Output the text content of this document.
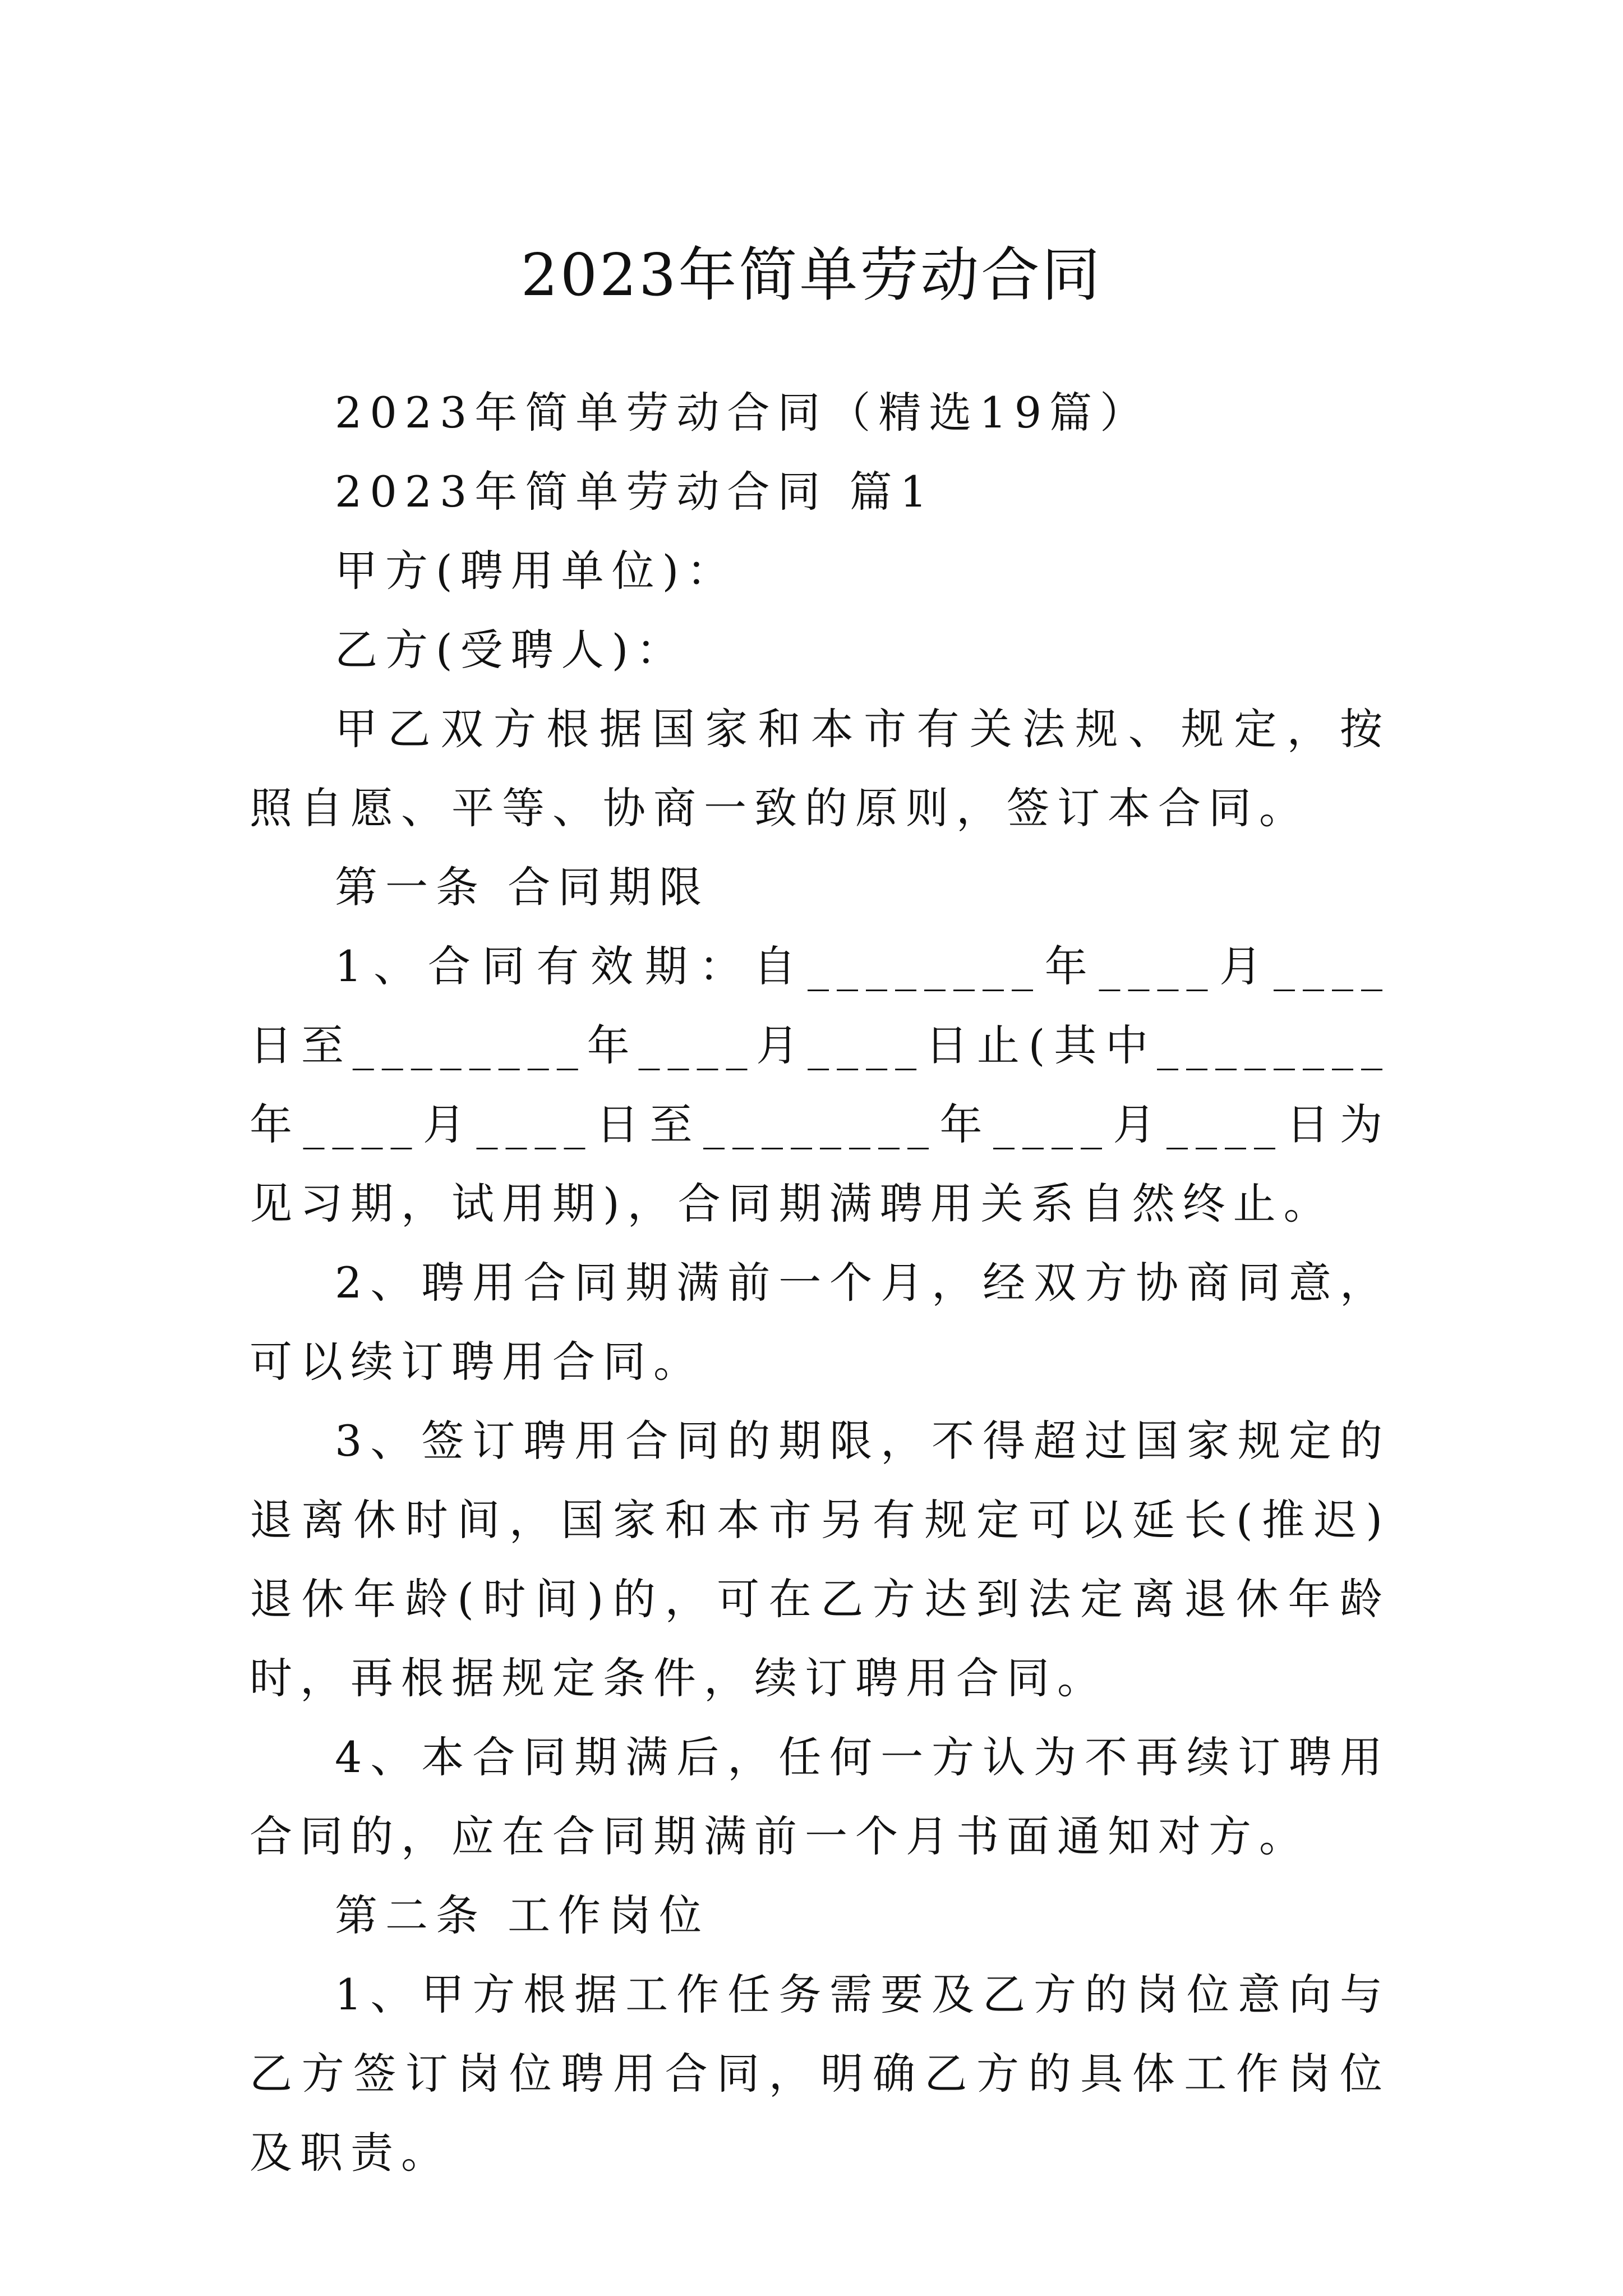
2023年简单劳动合同

2023年简单劳动合同（精选19篇）

2023年简单劳动合同 篇1

甲方(聘用单位)：

乙方(受聘人)：

甲乙双方根据国家和本市有关法规、规定，按照自愿、平等、协商一致的原则，签订本合同。

第一条 合同期限

1、合同有效期：自________年____月____日至________年____月____日止(其中________年____月____日至________年____月____日为见习期，试用期)，合同期满聘用关系自然终止。

2、聘用合同期满前一个月，经双方协商同意，可以续订聘用合同。

3、签订聘用合同的期限，不得超过国家规定的退离休时间，国家和本市另有规定可以延长(推迟)退休年龄(时间)的，可在乙方达到法定离退休年龄时，再根据规定条件，续订聘用合同。

4、本合同期满后，任何一方认为不再续订聘用合同的，应在合同期满前一个月书面通知对方。

第二条 工作岗位

1、甲方根据工作任务需要及乙方的岗位意向与乙方签订岗位聘用合同，明确乙方的具体工作岗位及职责。
